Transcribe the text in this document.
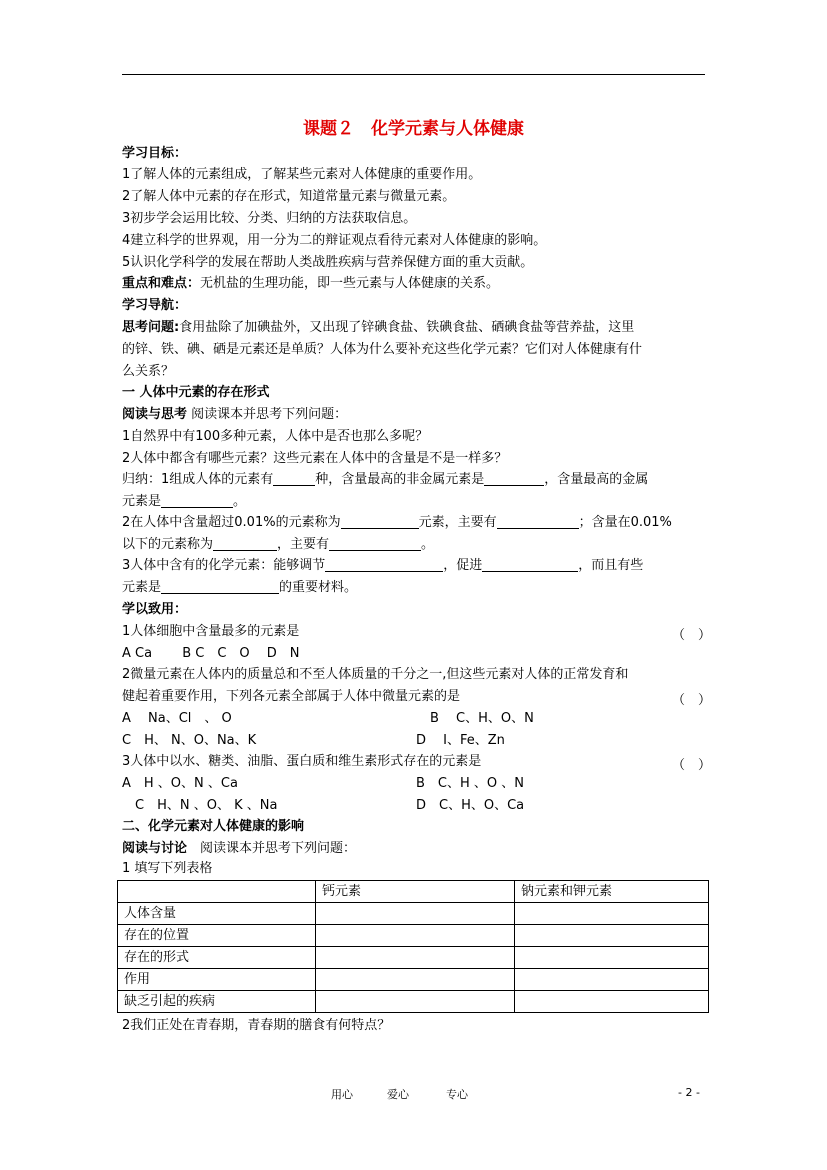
课题２　化学元素与人体健康
学习目标：
1了解人体的元素组成，了解某些元素对人体健康的重要作用。
2了解人体中元素的存在形式，知道常量元素与微量元素。
3初步学会运用比较、分类、归纳的方法获取信息。
4建立科学的世界观，用一分为二的辩证观点看待元素对人体健康的影响。
5认识化学科学的发展在帮助人类战胜疾病与营养保健方面的重大贡献。
重点和难点：无机盐的生理功能，即一些元素与人体健康的关系。
学习导航：
思考问题:食用盐除了加碘盐外，又出现了锌碘食盐、铁碘食盐、硒碘食盐等营养盐，这里
的锌、铁、碘、硒是元素还是单质？人体为什么要补充这些化学元素？它们对人体健康有什
么关系？
一 人体中元素的存在形式
阅读与思考 阅读课本并思考下列问题：
1自然界中有100多种元素，人体中是否也那么多呢？
2人体中都含有哪些元素？这些元素在人体中的含量是不是一样多？
归纳：1组成人体的元素有	种，含量最高的非金属元素是	，含量最高的金属
元素是	。
2在人体中含量超过0.01%的元素称为	元素，主要有	；含量在0.01%
以下的元素称为	，主要有	。
3人体中含有的化学元素：能够调节	，促进	，而且有些
元素是	的重要材料。
学以致用：
1人体细胞中含量最多的元素是	（　）
A Ca　　 B C　C　O　 D　N
2微量元素在人体内的质量总和不至人体质量的千分之一,但这些元素对人体的正常发育和
健起着重要作用，下列各元素全部属于人体中微量元素的是	（　）
A　 Na、Cl　、 O	B　 C、H、O、N
C　H、 N、O、Na、K	D　 I、Fe、Zn
3人体中以水、糖类、油脂、蛋白质和维生素形式存在的元素是	（　）
A　H 、O、N 、Ca	B　C、H 、O 、N
　C　H、N 、O、 K 、Na	D　C、H、O、Ca
二、化学元素对人体健康的影响
阅读与讨论　阅读课本并思考下列问题：
1 填写下列表格
	钙元素	钠元素和钾元素
人体含量		
存在的位置		
存在的形式		
作用		
缺乏引起的疾病		
2我们正处在青春期，青春期的膳食有何特点？
用心	爱心	专心	- 2 -
